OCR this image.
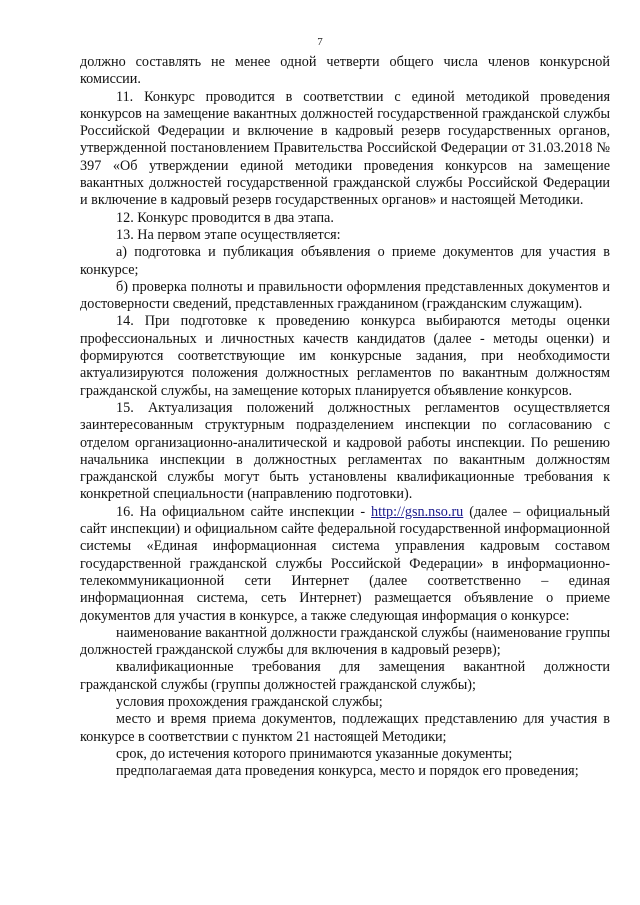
7

должно составлять не менее одной четверти общего числа членов конкурсной комиссии.

11. Конкурс проводится в соответствии с единой методикой проведения конкурсов на замещение вакантных должностей государственной гражданской службы Российской Федерации и включение в кадровый резерв государственных органов, утвержденной постановлением Правительства Российской Федерации от 31.03.2018 № 397 «Об утверждении единой методики проведения конкурсов на замещение вакантных должностей государственной гражданской службы Российской Федерации и включение в кадровый резерв государственных органов» и настоящей Методики.

12. Конкурс проводится в два этапа.

13. На первом этапе осуществляется:

а) подготовка и публикация объявления о приеме документов для участия в конкурсе;

б) проверка полноты и правильности оформления представленных документов и достоверности сведений, представленных гражданином (гражданским служащим).

14. При подготовке к проведению конкурса выбираются методы оценки профессиональных и личностных качеств кандидатов (далее - методы оценки) и формируются соответствующие им конкурсные задания, при необходимости актуализируются положения должностных регламентов по вакантным должностям гражданской службы, на замещение которых планируется объявление конкурсов.

15. Актуализация положений должностных регламентов осуществляется заинтересованным структурным подразделением инспекции по согласованию с отделом организационно-аналитической и кадровой работы инспекции. По решению начальника инспекции в должностных регламентах по вакантным должностям гражданской службы могут быть установлены квалификационные требования к конкретной специальности (направлению подготовки).

16. На официальном сайте инспекции - http://gsn.nso.ru (далее – официальный сайт инспекции) и официальном сайте федеральной государственной информационной системы «Единая информационная система управления кадровым составом государственной гражданской службы Российской Федерации» в информационно-телекоммуникационной сети Интернет (далее соответственно – единая информационная система, сеть Интернет) размещается объявление о приеме документов для участия в конкурсе, а также следующая информация о конкурсе:

наименование вакантной должности гражданской службы (наименование группы должностей гражданской службы для включения в кадровый резерв);

квалификационные требования для замещения вакантной должности гражданской службы (группы должностей гражданской службы);

условия прохождения гражданской службы;

место и время приема документов, подлежащих представлению для участия в конкурсе в соответствии с пунктом 21 настоящей Методики;

срок, до истечения которого принимаются указанные документы;

предполагаемая дата проведения конкурса, место и порядок его проведения;
